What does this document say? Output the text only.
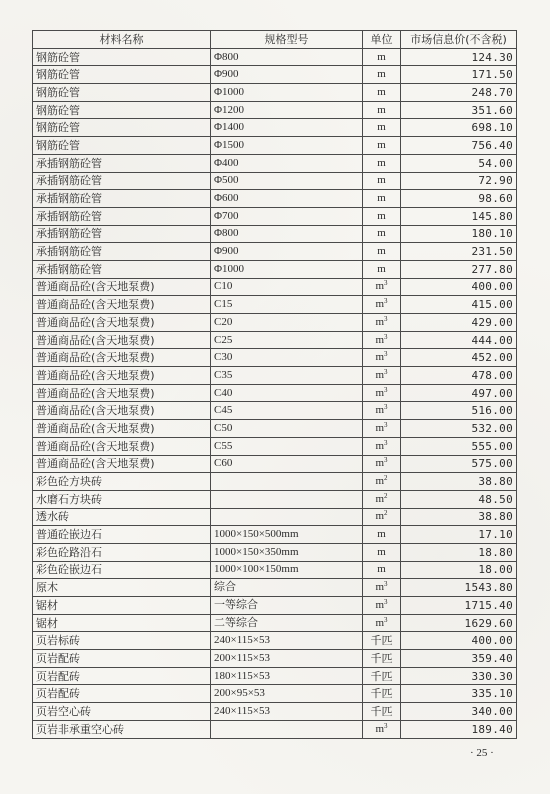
材料名称	规格型号	单位	市场信息价(不含税)
钢筋砼管	Φ800	m	124.30
钢筋砼管	Φ900	m	171.50
钢筋砼管	Φ1000	m	248.70
钢筋砼管	Φ1200	m	351.60
钢筋砼管	Φ1400	m	698.10
钢筋砼管	Φ1500	m	756.40
承插钢筋砼管	Φ400	m	54.00
承插钢筋砼管	Φ500	m	72.90
承插钢筋砼管	Φ600	m	98.60
承插钢筋砼管	Φ700	m	145.80
承插钢筋砼管	Φ800	m	180.10
承插钢筋砼管	Φ900	m	231.50
承插钢筋砼管	Φ1000	m	277.80
普通商品砼(含天地泵费)	C10	$m^3$	400.00
普通商品砼(含天地泵费)	C15	$m^3$	415.00
普通商品砼(含天地泵费)	C20	$m^3$	429.00
普通商品砼(含天地泵费)	C25	$m^3$	444.00
普通商品砼(含天地泵费)	C30	$m^3$	452.00
普通商品砼(含天地泵费)	C35	$m^3$	478.00
普通商品砼(含天地泵费)	C40	$m^3$	497.00
普通商品砼(含天地泵费)	C45	$m^3$	516.00
普通商品砼(含天地泵费)	C50	$m^3$	532.00
普通商品砼(含天地泵费)	C55	$m^3$	555.00
普通商品砼(含天地泵费)	C60	$m^3$	575.00
彩色砼方块砖		$m^2$	38.80
水磨石方块砖		$m^2$	48.50
透水砖		$m^2$	38.80
普通砼嵌边石	1000×150×500mm	m	17.10
彩色砼路沿石	1000×150×350mm	m	18.80
彩色砼嵌边石	1000×100×150mm	m	18.00
原木	综合	$m^3$	1543.80
锯材	一等综合	$m^3$	1715.40
锯材	二等综合	$m^3$	1629.60
页岩标砖	240×115×53	千匹	400.00
页岩配砖	200×115×53	千匹	359.40
页岩配砖	180×115×53	千匹	330.30
页岩配砖	200×95×53	千匹	335.10
页岩空心砖	240×115×53	千匹	340.00
页岩非承重空心砖		$m^3$	189.40
· 25 ·
